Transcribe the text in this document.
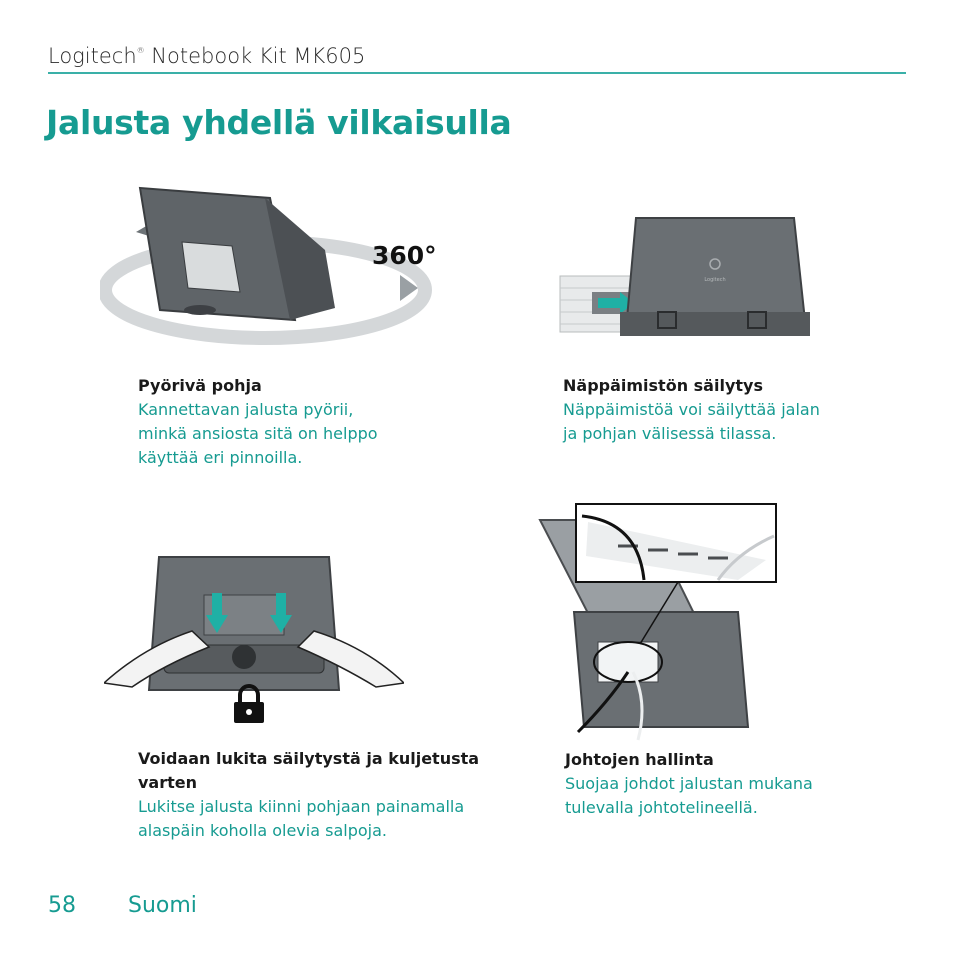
Logitech® Notebook Kit MK605
Jalusta yhdellä vilkaisulla
360°
Logitech
Pyörivä pohja
Kannettavan jalusta pyörii,
minkä ansiosta sitä on helppo
käyttää eri pinnoilla.
Näppäimistön säilytys
Näppäimistöä voi säilyttää jalan
ja pohjan välisessä tilassa.
Voidaan lukita säilytystä ja kuljetusta
varten
Lukitse jalusta kiinni pohjaan painamalla
alaspäin koholla olevia salpoja.
Johtojen hallinta
Suojaa johdot jalustan mukana
tulevalla johtotelineellä.
58 Suomi
